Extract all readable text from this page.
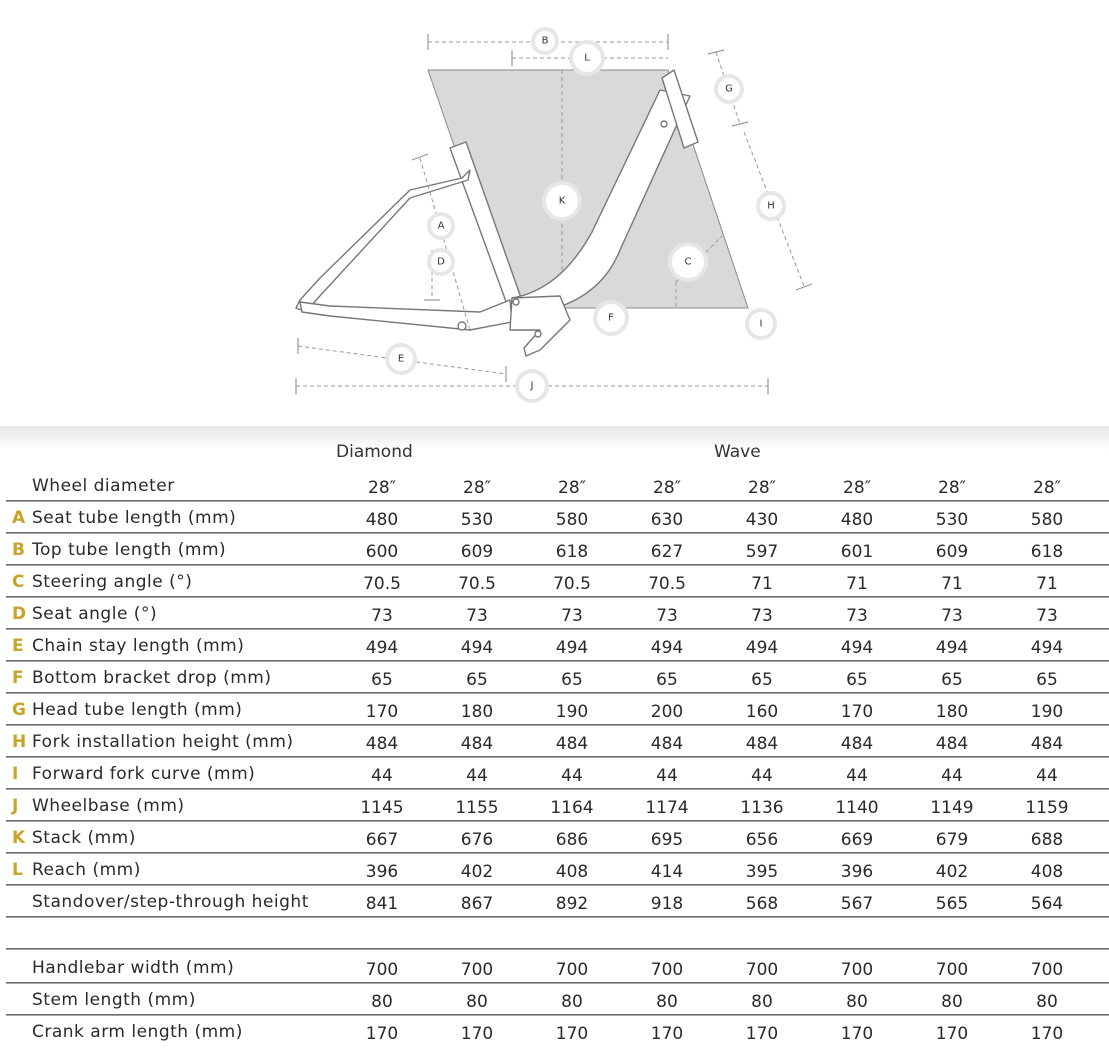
A
B
C
D
E
F
G
H
I
J
K
L
Diamond	Wave
Wheel diameter	28″	28″	28″	28″	28″	28″	28″	28″
A Seat tube length (mm)	480	530	580	630	430	480	530	580
B Top tube length (mm)	600	609	618	627	597	601	609	618
C Steering angle (°)	70.5	70.5	70.5	70.5	71	71	71	71
D Seat angle (°)	73	73	73	73	73	73	73	73
E Chain stay length (mm)	494	494	494	494	494	494	494	494
F Bottom bracket drop (mm)	65	65	65	65	65	65	65	65
G Head tube length (mm)	170	180	190	200	160	170	180	190
H Fork installation height (mm)	484	484	484	484	484	484	484	484
I Forward fork curve (mm)	44	44	44	44	44	44	44	44
J Wheelbase (mm)	1145	1155	1164	1174	1136	1140	1149	1159
K Stack (mm)	667	676	686	695	656	669	679	688
L Reach (mm)	396	402	408	414	395	396	402	408
Standover/step-through height	841	867	892	918	568	567	565	564
Handlebar width (mm)	700	700	700	700	700	700	700	700
Stem length (mm)	80	80	80	80	80	80	80	80
Crank arm length (mm)	170	170	170	170	170	170	170	170
